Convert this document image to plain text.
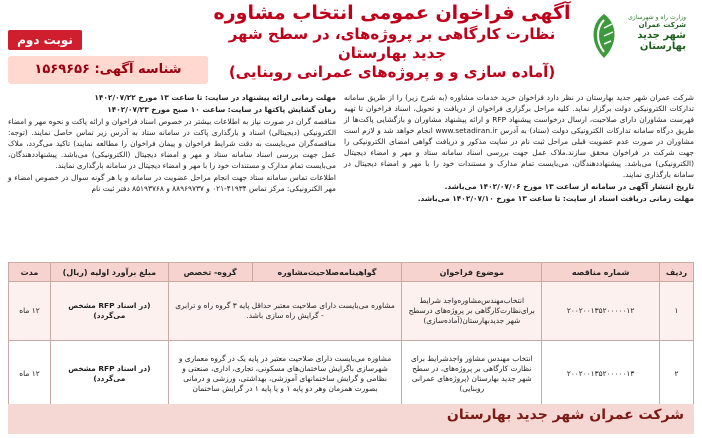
وزارت راه و شهرسازی
شرکت عمران
شهر جدید بهارستان
آگهی فراخوان عمومی انتخاب مشاوره
نظارت کارگاهی بر پروژه‌های، در سطح شهر جدید بهارستان
(آماده سازی و و پروژه‌های عمرانی روبنایی)
نوبت دوم
شناسه آگهی: ۱۵۶۹۶۵۶

شرکت عمران شهر جدید بهارستان در نظر دارد فراخوان خرید خدمات مشاوره (به شرح زیر) را از طریق سامانه تدارکات الکترونیکی دولت برگزار نماید. کلیه مراحل برگزاری فراخوان از دریافت و تحویل، اسناد فراخوان تا تهیه فهرست مشاوران دارای صلاحیت، ارسال درخواست پیشنهاد RFP و ارائه پیشنهاد مشاوران و بازگشایی پاکت‌ها از طریق درگاه سامانه تدارکات الکترونیکی دولت (ستاد) به آدرس www.setadiran.ir انجام خواهد شد و لازم است مشاوران در صورت عدم عضویت قبلی مراحل ثبت نام در سایت مذکور و دریافت گواهی امضای الکترونیکی را جهت شرکت در فراخوان محقق سازند.ملاک عمل جهت بررسی اسناد سامانه ستاد و مهر و امضاء دیجیتال (الکترونیکی) می‌باشد. پیشنهاددهندگان، می‌بایست تمام مدارک و مستندات خود را با مهر و امضاء دیجیتال در سامانه بارگذاری نمایند.

تاریخ انتشار آگهی در سامانه از ساعت ۱۳ مورخ ۱۴۰۲/۰۷/۰۶ می‌باشد.

مهلت زمانی دریافت اسناد از سایت: تا ساعت ۱۳ مورخ ۱۴۰۲/۰۷/۱۰ می‌باشد.

مهلت زمانی ارائه پیشنهاد در سایت: تا ساعت ۱۳ مورخ ۱۴۰۲/۰۷/۲۲

زمان گشایش پاکتها در سایت: ساعت ۱۰ صبح مورخ ۱۴۰۲/۰۷/۲۳

مناقصه گران در صورت نیاز به اطلاعات بیشتر در خصوص اسناد فراخوان و ارائه پاکت و نحوه مهر و امضاء الکترونیکی (دیجیتالی) اسناد و بارگذاری پاکت در سامانه ستاد به آدرس زیر تماس حاصل نمایند. (توجه: مناقصه‌گران می‌بایست به دقت شرایط فراخوان و پیمان فراخوان را مطالعه نمایند) تاکید می‌گردد، ملاک عمل جهت بررسی اسناد سامانه ستاد و مهر و امضاء دیجیتال (الکترونیکی) می‌باشد. پیشنهاددهندگان، می‌بایست تمام مدارک و مستندات خود را با مهر و امضاء دیجیتال در سامانه بارگذاری نمایند.

اطلاعات تماس سامانه ستاد جهت انجام مراحل عضویت در سامانه و یا هر گونه سوال در خصوص امضاء و مهر الکترونیکی: مرکز تماس ۴۱۹۳۴-۰۲۱ و ۸۸۹۶۹۷۳۷ و ۸۵۱۹۳۷۶۸ دفتر ثبت نام

ردیف	شماره مناقصه	موضوع فراخوان	گواهینامه‌صلاحیت‌مشاوره	گروه- تخصص	مبلغ برآورد اولیه (ریال)	مدت
۱	۲۰۰۲۰۰۱۳۵۲۰۰۰۰۰۱۲	انتخاب‌مهندس‌مشاوره‌واجد شرایط برای‌نظارت‌کارگاهی بر پروژه‌های درسطح شهر جدیدبهارستان(آماده‌سازی)	مشاوره می‌بایست دارای صلاحیت معتبر حداقل پایه ۳ گروه راه و ترابری - گرایش راه سازی باشد.		(در اسناد RFP مشخص می‌گردد)	۱۲ ماه
۲	۲۰۰۲۰۰۱۳۵۲۰۰۰۰۰۱۳	انتخاب مهندس مشاور واجدشرایط برای نظارت کارگاهی بر پروژه‌های، در سطح شهر جدید بهارستان (پروژه‌های عمرانی روبنایی)	مشاوره می‌بایست دارای صلاحیت معتبر در پایه یک در گروه معماری و شهرسازی باگرایش ساختمان‌های مسکونی، تجاری، اداری، صنعتی و نظامی و گرایش ساختمانهای آموزشی، بهداشتی، ورزشی و درمانی بصورت همزمان وهر دو پایه ۱ و یا پایه ۱ در گرایش ساختمان		(در اسناد RFP مشخص می‌گردد)	۱۲ ماه
شرکت عمران شهر جدید بهارستان
